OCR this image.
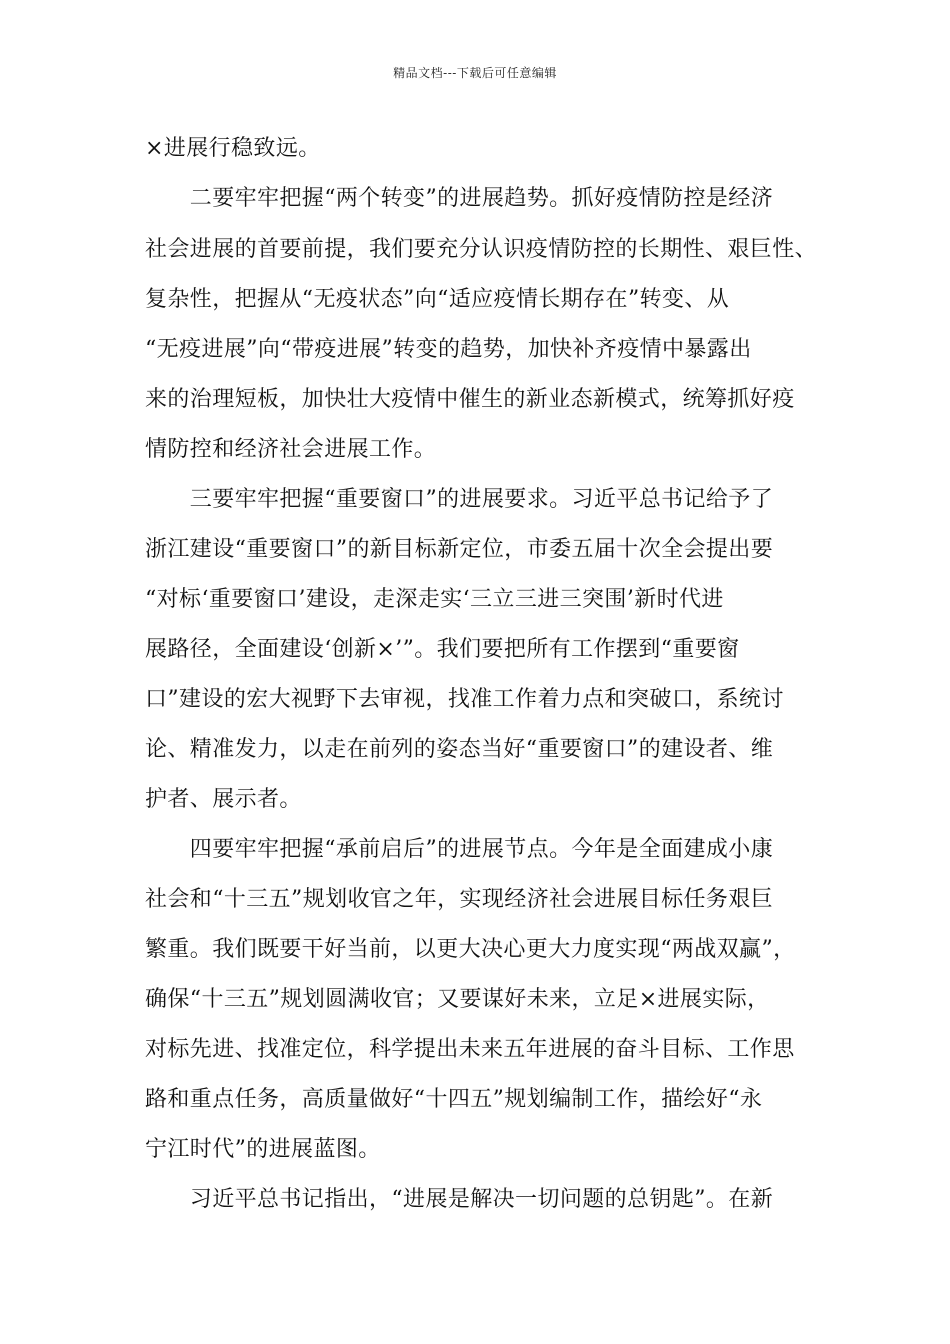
精品文档---下载后可任意编辑
×进展行稳致远。
　　二要牢牢把握“两个转变”的进展趋势。抓好疫情防控是经济
社会进展的首要前提，我们要充分认识疫情防控的长期性、艰巨性、
复杂性，把握从“无疫状态”向“适应疫情长期存在”转变、从
“无疫进展”向“带疫进展”转变的趋势，加快补齐疫情中暴露出
来的治理短板，加快壮大疫情中催生的新业态新模式，统筹抓好疫
情防控和经济社会进展工作。
　　三要牢牢把握“重要窗口”的进展要求。习近平总书记给予了
浙江建设“重要窗口”的新目标新定位，市委五届十次全会提出要
“对标‘重要窗口’建设，走深走实‘三立三进三突围’新时代进
展路径，全面建设‘创新×’”。我们要把所有工作摆到“重要窗
口”建设的宏大视野下去审视，找准工作着力点和突破口，系统讨
论、精准发力，以走在前列的姿态当好“重要窗口”的建设者、维
护者、展示者。
　　四要牢牢把握“承前启后”的进展节点。今年是全面建成小康
社会和“十三五”规划收官之年，实现经济社会进展目标任务艰巨
繁重。我们既要干好当前，以更大决心更大力度实现“两战双赢”，
确保“十三五”规划圆满收官；又要谋好未来，立足×进展实际，
对标先进、找准定位，科学提出未来五年进展的奋斗目标、工作思
路和重点任务，高质量做好“十四五”规划编制工作，描绘好“永
宁江时代”的进展蓝图。
　　习近平总书记指出，“进展是解决一切问题的总钥匙”。在新
